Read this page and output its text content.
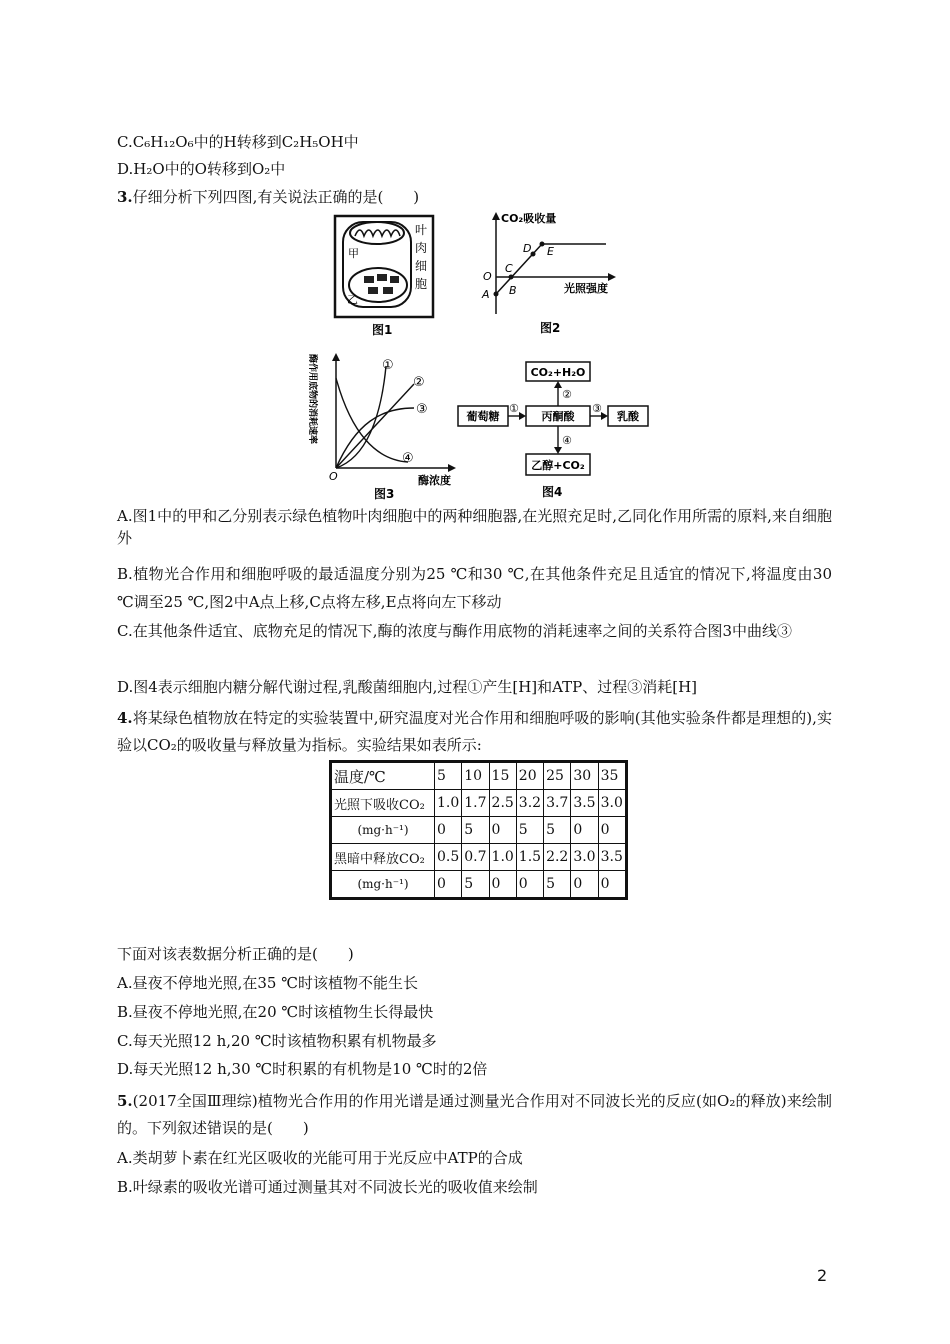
C.C₆H₁₂O₆中的H转移到C₂H₅OH中
D.H₂O中的O转移到O₂中
3.仔细分析下列四图,有关说法正确的是(　　)
甲
乙
叶
肉
细
胞
图1
CO₂吸收量
光照强度
O
A B
C
D E
图2
①
②
③
④
O	酶浓度
酶作用底物的消耗速率
图3
CO₂+H₂O
葡萄糖	丙酮酸	乳酸
乙醇+CO₂
①
②
③
④
图4
A.图1中的甲和乙分别表示绿色植物叶肉细胞中的两种细胞器,在光照充足时,乙同化作用所需的原料,来自细胞外
B.植物光合作用和细胞呼吸的最适温度分别为25 ℃和30 ℃,在其他条件充足且适宜的情况下,将温度由30 ℃调至25 ℃,图2中A点上移,C点将左移,E点将向左下移动
C.在其他条件适宜、底物充足的情况下,酶的浓度与酶作用底物的消耗速率之间的关系符合图3中曲线③
D.图4表示细胞内糖分解代谢过程,乳酸菌细胞内,过程①产生[H]和ATP、过程③消耗[H]
4.将某绿色植物放在特定的实验装置中,研究温度对光合作用和细胞呼吸的影响(其他实验条件都是理想的),实验以CO₂的吸收量与释放量为指标。实验结果如表所示:
温度/℃	5	10	15	20	25	30	35
光照下吸收CO₂	1.0	1.7	2.5	3.2	3.7	3.5	3.0
(mg·h⁻¹)	0	5	0	5	5	0	0
黑暗中释放CO₂	0.5	0.7	1.0	1.5	2.2	3.0	3.5
(mg·h⁻¹)	0	5	0	0	5	0	0
下面对该表数据分析正确的是(　　)
A.昼夜不停地光照,在35 ℃时该植物不能生长
B.昼夜不停地光照,在20 ℃时该植物生长得最快
C.每天光照12 h,20 ℃时该植物积累有机物最多
D.每天光照12 h,30 ℃时积累的有机物是10 ℃时的2倍
5.(2017全国Ⅲ理综)植物光合作用的作用光谱是通过测量光合作用对不同波长光的反应(如O₂的释放)来绘制的。下列叙述错误的是(　　)
A.类胡萝卜素在红光区吸收的光能可用于光反应中ATP的合成
B.叶绿素的吸收光谱可通过测量其对不同波长光的吸收值来绘制
2
